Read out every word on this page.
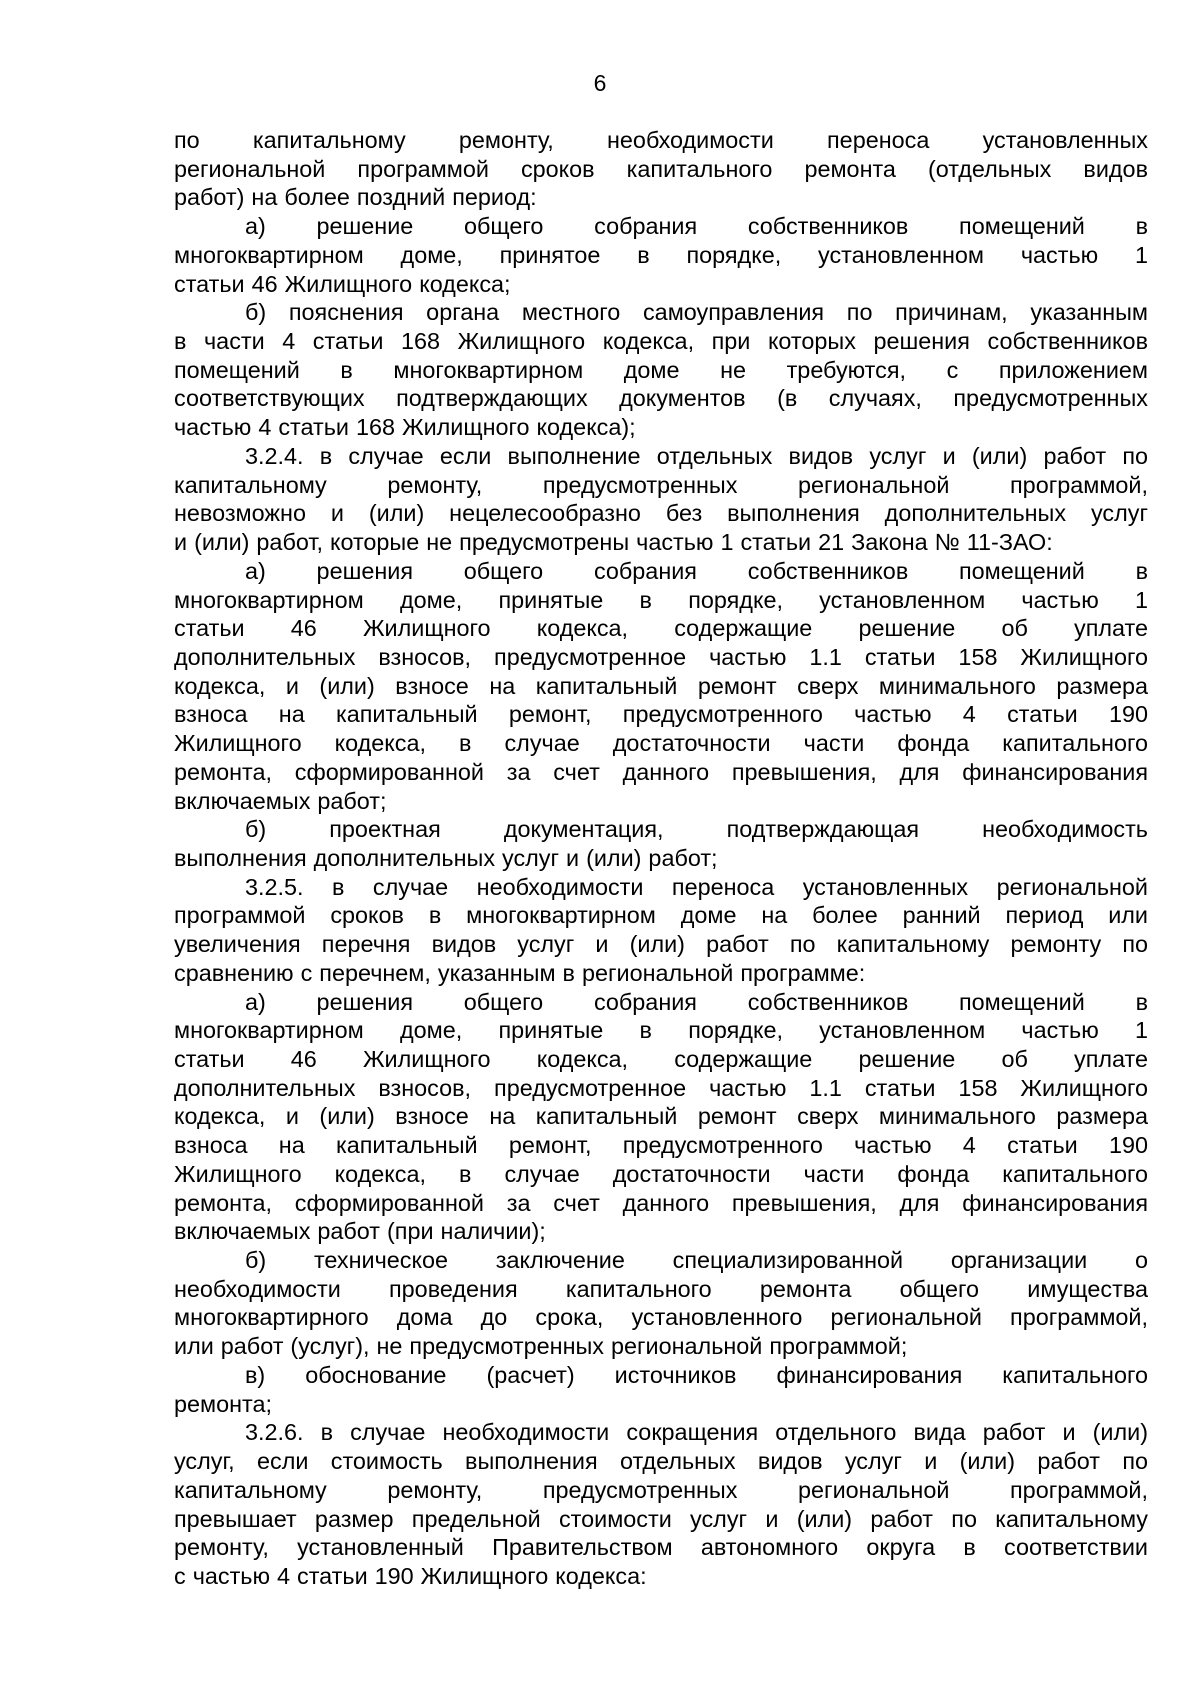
6
по капитальному ремонту, необходимости переноса установленных
региональной программой сроков капитального ремонта (отдельных видов
работ) на более поздний период:
а) решение общего собрания собственников помещений в
многоквартирном доме, принятое в порядке, установленном частью 1
статьи 46 Жилищного кодекса;
б) пояснения органа местного самоуправления по причинам, указанным
в части 4 статьи 168 Жилищного кодекса, при которых решения собственников
помещений в многоквартирном доме не требуются, с приложением
соответствующих подтверждающих документов (в случаях, предусмотренных
частью 4 статьи 168 Жилищного кодекса);
3.2.4. в случае если выполнение отдельных видов услуг и (или) работ по
капитальному ремонту, предусмотренных региональной программой,
невозможно и (или) нецелесообразно без выполнения дополнительных услуг
и (или) работ, которые не предусмотрены частью 1 статьи 21 Закона № 11-ЗАО:
а) решения общего собрания собственников помещений в
многоквартирном доме, принятые в порядке, установленном частью 1
статьи 46 Жилищного кодекса, содержащие решение об уплате
дополнительных взносов, предусмотренное частью 1.1 статьи 158 Жилищного
кодекса, и (или) взносе на капитальный ремонт сверх минимального размера
взноса на капитальный ремонт, предусмотренного частью 4 статьи 190
Жилищного кодекса, в случае достаточности части фонда капитального
ремонта, сформированной за счет данного превышения, для финансирования
включаемых работ;
б) проектная документация, подтверждающая необходимость
выполнения дополнительных услуг и (или) работ;
3.2.5. в случае необходимости переноса установленных региональной
программой сроков в многоквартирном доме на более ранний период или
увеличения перечня видов услуг и (или) работ по капитальному ремонту по
сравнению с перечнем, указанным в региональной программе:
а) решения общего собрания собственников помещений в
многоквартирном доме, принятые в порядке, установленном частью 1
статьи 46 Жилищного кодекса, содержащие решение об уплате
дополнительных взносов, предусмотренное частью 1.1 статьи 158 Жилищного
кодекса, и (или) взносе на капитальный ремонт сверх минимального размера
взноса на капитальный ремонт, предусмотренного частью 4 статьи 190
Жилищного кодекса, в случае достаточности части фонда капитального
ремонта, сформированной за счет данного превышения, для финансирования
включаемых работ (при наличии);
б) техническое заключение специализированной организации о
необходимости проведения капитального ремонта общего имущества
многоквартирного дома до срока, установленного региональной программой,
или работ (услуг), не предусмотренных региональной программой;
в) обоснование (расчет) источников финансирования капитального
ремонта;
3.2.6. в случае необходимости сокращения отдельного вида работ и (или)
услуг, если стоимость выполнения отдельных видов услуг и (или) работ по
капитальному ремонту, предусмотренных региональной программой,
превышает размер предельной стоимости услуг и (или) работ по капитальному
ремонту, установленный Правительством автономного округа в соответствии
с частью 4 статьи 190 Жилищного кодекса:
